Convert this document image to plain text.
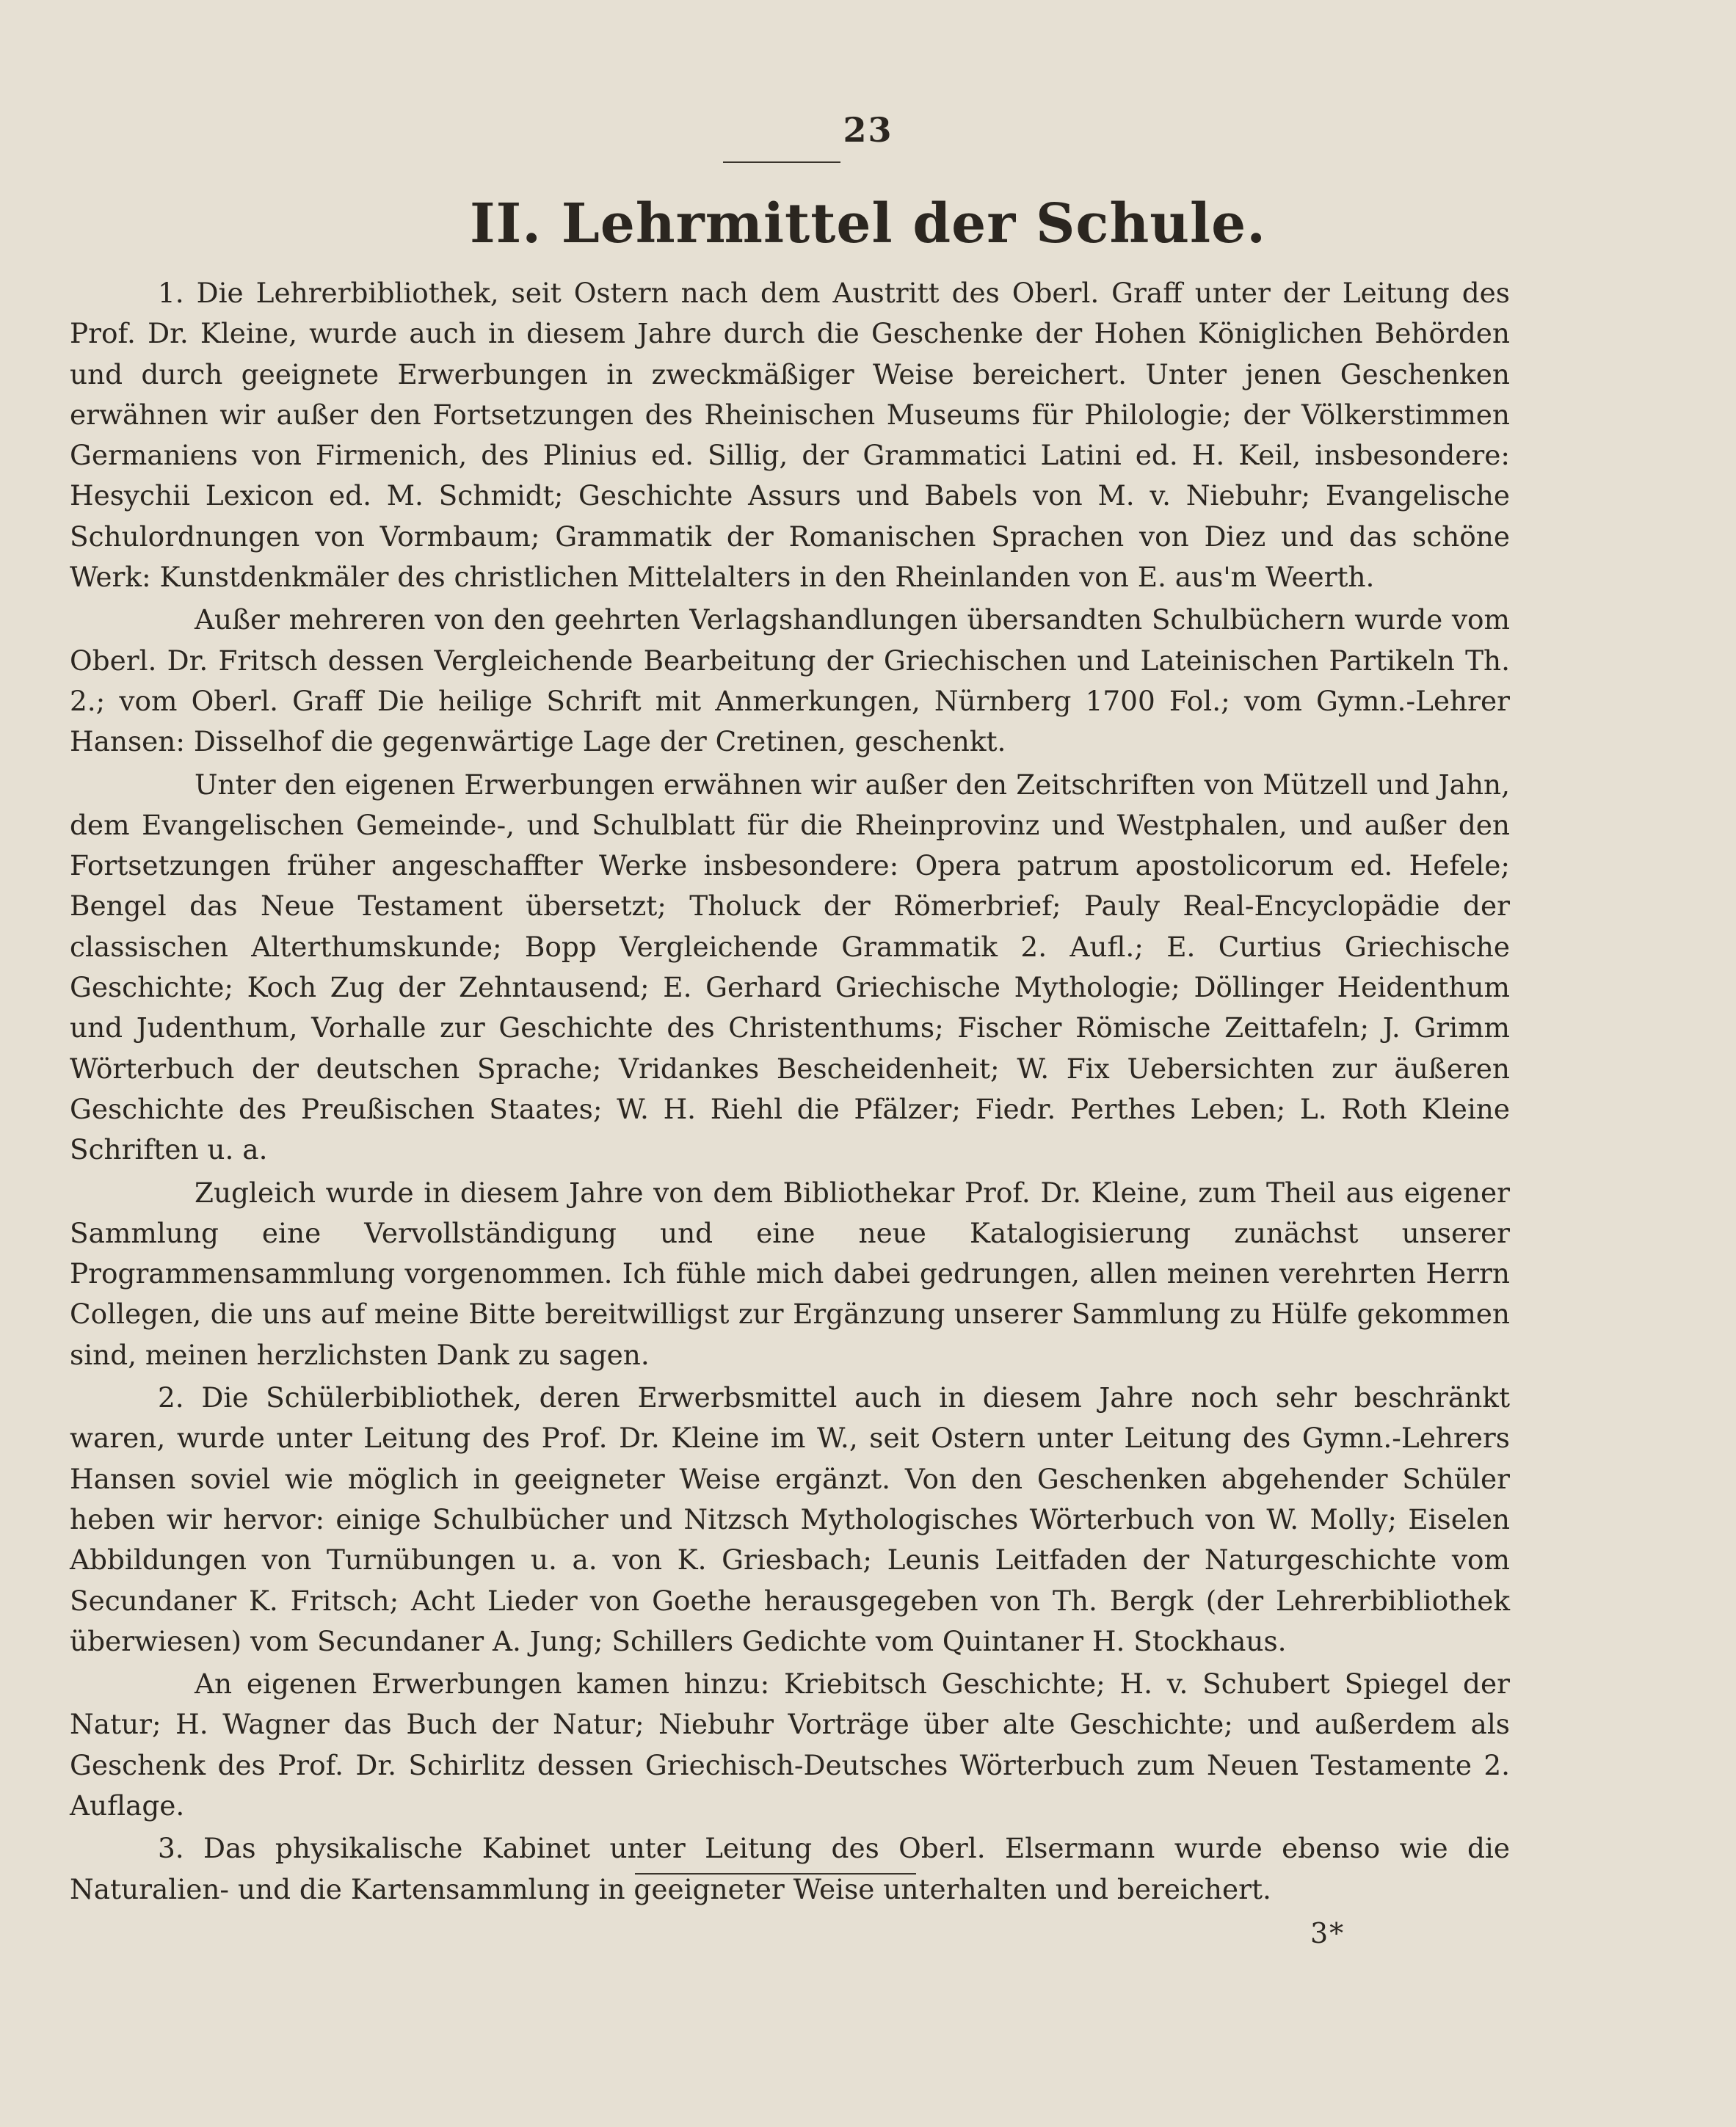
23
II. Lehrmittel der Schule.

1. Die Lehrerbibliothek, seit Ostern nach dem Austritt des Oberl. Graff unter der Leitung des Prof. Dr. Kleine, wurde auch in diesem Jahre durch die Geschenke der Hohen Königlichen Behörden und durch geeignete Erwerbungen in zweckmäßiger Weise bereichert. Unter jenen Geschenken erwähnen wir außer den Fortsetzungen des Rheinischen Museums für Philologie; der Völkerstimmen Germaniens von Firmenich, des Plinius ed. Sillig, der Grammatici Latini ed. H. Keil, insbesondere: Hesychii Lexicon ed. M. Schmidt; Geschichte Assurs und Babels von M. v. Niebuhr; Evangelische Schulordnungen von Vormbaum; Grammatik der Romanischen Sprachen von Diez und das schöne Werk: Kunstdenkmäler des christlichen Mittelalters in den Rheinlanden von E. aus'm Weerth.

Außer mehreren von den geehrten Verlagshandlungen übersandten Schulbüchern wurde vom Oberl. Dr. Fritsch dessen Vergleichende Bearbeitung der Griechischen und Lateinischen Partikeln Th. 2.; vom Oberl. Graff Die heilige Schrift mit Anmerkungen, Nürnberg 1700 Fol.; vom Gymn.-Lehrer Hansen: Disselhof die gegenwärtige Lage der Cretinen, geschenkt.

Unter den eigenen Erwerbungen erwähnen wir außer den Zeitschriften von Mützell und Jahn, dem Evangelischen Gemeinde-, und Schulblatt für die Rheinprovinz und Westphalen, und außer den Fortsetzungen früher angeschaffter Werke insbesondere: Opera patrum apostolicorum ed. Hefele; Bengel das Neue Testament übersetzt; Tholuck der Römerbrief; Pauly Real-Encyclopädie der classischen Alterthumskunde; Bopp Vergleichende Grammatik 2. Aufl.; E. Curtius Griechische Geschichte; Koch Zug der Zehntausend; E. Gerhard Griechische Mythologie; Döllinger Heidenthum und Judenthum, Vorhalle zur Geschichte des Christenthums; Fischer Römische Zeittafeln; J. Grimm Wörterbuch der deutschen Sprache; Vridankes Bescheidenheit; W. Fix Uebersichten zur äußeren Geschichte des Preußischen Staates; W. H. Riehl die Pfälzer; Fiedr. Perthes Leben; L. Roth Kleine Schriften u. a.

Zugleich wurde in diesem Jahre von dem Bibliothekar Prof. Dr. Kleine, zum Theil aus eigener Sammlung eine Vervollständigung und eine neue Katalogisierung zunächst unserer Programmensammlung vorgenommen. Ich fühle mich dabei gedrungen, allen meinen verehrten Herrn Collegen, die uns auf meine Bitte bereitwilligst zur Ergänzung unserer Sammlung zu Hülfe gekommen sind, meinen herzlichsten Dank zu sagen.

2. Die Schülerbibliothek, deren Erwerbsmittel auch in diesem Jahre noch sehr beschränkt waren, wurde unter Leitung des Prof. Dr. Kleine im W., seit Ostern unter Leitung des Gymn.-Lehrers Hansen soviel wie möglich in geeigneter Weise ergänzt. Von den Geschenken abgehender Schüler heben wir hervor: einige Schulbücher und Nitzsch Mythologisches Wörterbuch von W. Molly; Eiselen Abbildungen von Turnübungen u. a. von K. Griesbach; Leunis Leitfaden der Naturgeschichte vom Secundaner K. Fritsch; Acht Lieder von Goethe herausgegeben von Th. Bergk (der Lehrerbibliothek überwiesen) vom Secundaner A. Jung; Schillers Gedichte vom Quintaner H. Stockhaus.

An eigenen Erwerbungen kamen hinzu: Kriebitsch Geschichte; H. v. Schubert Spiegel der Natur; H. Wagner das Buch der Natur; Niebuhr Vorträge über alte Geschichte; und außerdem als Geschenk des Prof. Dr. Schirlitz dessen Griechisch-Deutsches Wörterbuch zum Neuen Testamente 2. Auflage.

3. Das physikalische Kabinet unter Leitung des Oberl. Elsermann wurde ebenso wie die Naturalien- und die Kartensammlung in geeigneter Weise unterhalten und bereichert.

3*
